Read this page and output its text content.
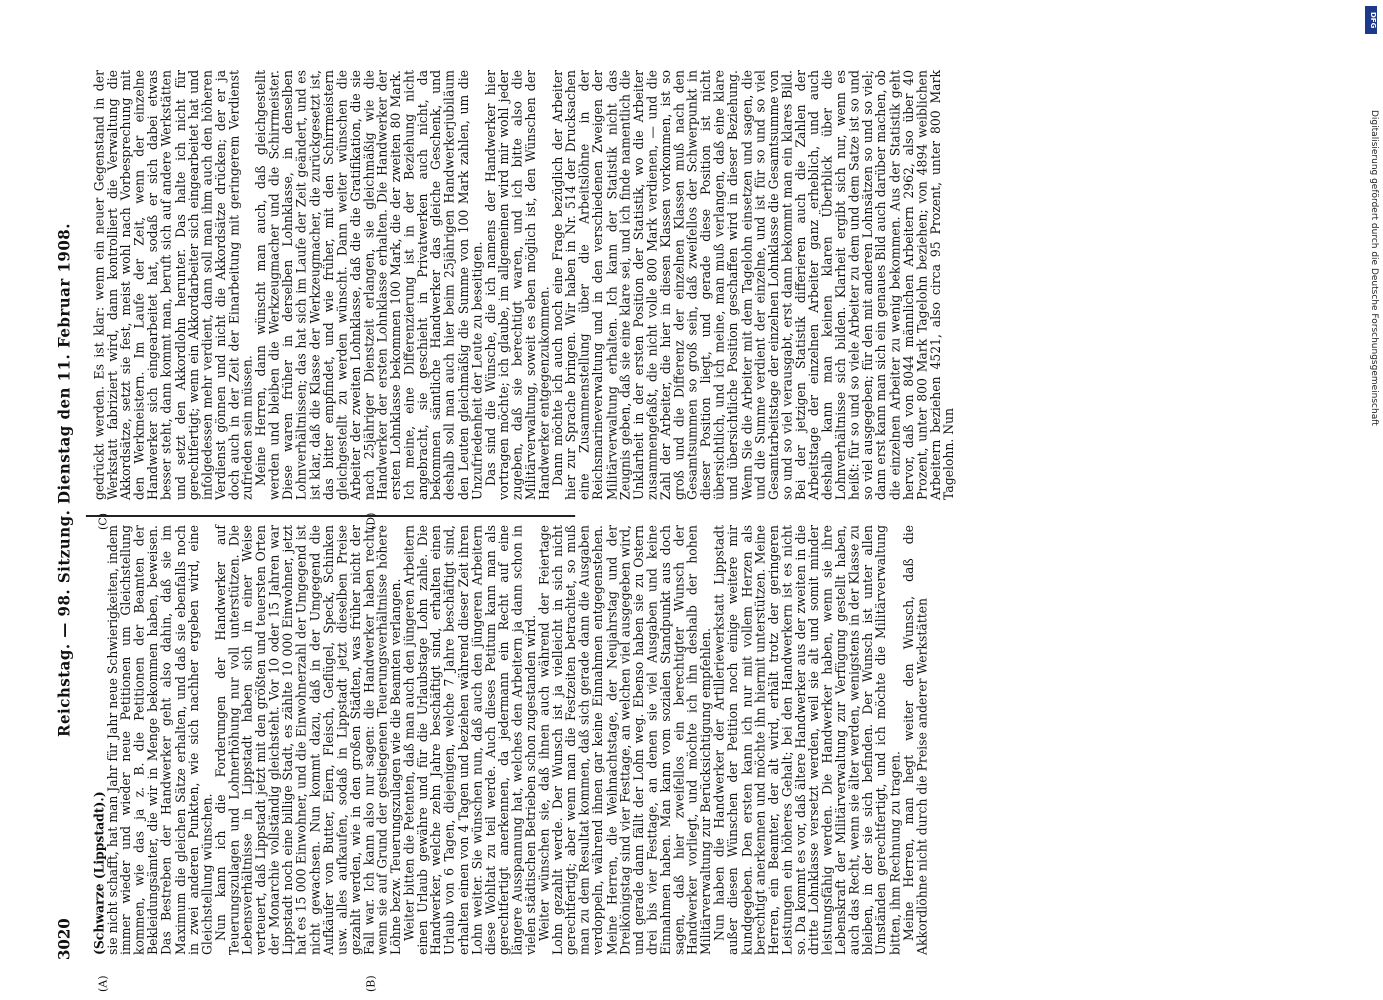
3020
Reichstag. — 98. Sitzung. Dienstag den 11. Februar 1908.
(A)	(B)
(C)	(D)

(Schwarze (Lippstadt).)

sie nicht schafft, hat man Jahr für Jahr neue Schwierigkeiten, indem immer wieder und wieder neue Petitionen um Gleichstellung kommen, wie das ja z. B. die Petitionen der Beamten der Bekleidungsämter, die wir in Menge bekommen haben, beweisen. Das Bestreben der Handwerker geht also dahin, daß sie im Maximum die gleichen Sätze erhalten, und daß sie ebenfalls noch in zwei anderen Punkten, wie sich nachher ergeben wird, eine Gleichstellung wünschen.

Nun kann ich die Forderungen der Handwerker auf Teuerungszulagen und Lohnerhöhung nur voll unterstützen. Die Lebensverhältnisse in Lippstadt haben sich in einer Weise verteuert, daß Lippstadt jetzt mit den größten und teuersten Orten der Monarchie vollständig gleichsteht. Vor 10 oder 15 Jahren war Lippstadt noch eine billige Stadt, es zählte 10 000 Einwohner, jetzt hat es 15 000 Einwohner, und die Einwohnerzahl der Umgegend ist nicht gewachsen. Nun kommt dazu, daß in der Umgegend die Aufkäufer von Butter, Eiern, Fleisch, Geflügel, Speck, Schinken usw. alles aufkaufen, sodaß in Lippstadt jetzt dieselben Preise gezahlt werden, wie in den großen Städten, was früher nicht der Fall war. Ich kann also nur sagen: die Handwerker haben recht, wenn sie auf Grund der gestiegenen Teuerungsverhältnisse höhere Löhne bezw. Teuerungszulagen wie die Beamten verlangen.

Weiter bitten die Petenten, daß man auch den jüngeren Arbeitern einen Urlaub gewähre und für die Urlaubstage Lohn zahle. Die Handwerker, welche zehn Jahre beschäftigt sind, erhalten einen Urlaub von 6 Tagen, diejenigen, welche 7 Jahre beschäftigt sind, erhalten einen von 4 Tagen und beziehen während dieser Zeit ihren Lohn weiter. Sie wünschen nun, daß auch den jüngeren Arbeitern diese Wohltat zu teil werde. Auch dieses Petitum kann man als gerechtfertigt anerkennen, da jedermann ein Recht auf eine längere Ausspannung hat, welches den Arbeitern ja dann schon in vielen städtischen Betrieben schon zugestanden wird.

Weiter wünschen sie, daß ihnen auch während der Feiertage Lohn gezahlt werde. Der Wunsch ist ja vielleicht in sich nicht gerechtfertigt; aber wenn man die Festzeiten betrachtet, so muß man zu dem Resultat kommen, daß sich gerade dann die Ausgaben verdoppeln, während ihnen gar keine Einnahmen entgegenstehen. Meine Herren, die Weihnachtstage, der Neujahrstag und der Dreikönigstag sind vier Festtage, an welchen viel ausgegeben wird, und gerade dann fällt der Lohn weg. Ebenso haben sie zu Ostern drei bis vier Festtage, an denen sie viel Ausgaben und keine Einnahmen haben. Man kann vom sozialen Standpunkt aus doch sagen, daß hier zweifellos ein berechtigter Wunsch der Handwerker vorliegt, und möchte ich ihn deshalb der hohen Militärverwaltung zur Berücksichtigung empfehlen.

Nun haben die Handwerker der Artilleriewerkstatt Lippstadt außer diesen Wünschen der Petition noch einige weitere mir kundgegeben. Den ersten kann ich nur mit vollem Herzen als berechtigt anerkennen und möchte ihn hiermit unterstützen. Meine Herren, ein Beamter, der alt wird, erhält trotz der geringeren Leistungen ein höheres Gehalt; bei den Handwerkern ist es nicht so. Da kommt es vor, daß ältere Handwerker aus der zweiten in die dritte Lohnklasse versetzt werden, weil sie alt und somit minder leistungsfähig werden. Die Handwerker haben, wenn sie ihre Lebenskraft der Militärverwaltung zur Verfügung gestellt haben, auch das Recht, wenn sie älter werden, wenigstens in der Klasse zu bleiben, in der sie sich befinden. Der Wunsch ist unter allen Umständen gerechtfertigt, und ich möchte die Militärverwaltung bitten, ihm Rechnung zu tragen.

Meine Herren, man hegt weiter den Wunsch, daß die Akkordlöhne nicht durch die Preise anderer Werkstätten

gedrückt werden. Es ist klar: wenn ein neuer Gegenstand in der Werkstatt fabriziert wird, dann kontrolliert die Verwaltung die Akkordsätze, setzt sie fest, meist wohl nach Vorbesprechung mit den Werkmeistern. Im Laufe der Zeit, wenn der einzelne Handwerker sich eingearbeitet hat, sodaß er sich dabei etwas besser steht, dann kommt man, beruft sich auf andere Werkstätten und setzt den Akkordlohn herunter. Das halte ich nicht für gerechtfertigt; wenn ein Akkordarbeiter sich eingearbeitet hat und infolgedessen mehr verdient, dann soll man ihm auch den höheren Verdienst gönnen und nicht die Akkordsätze drücken; der er ja doch auch in der Zeit der Einarbeitung mit geringerem Verdienst zufrieden sein müssen.

Meine Herren, dann wünscht man auch, daß gleichgestellt werden und bleiben die Werkzeugmacher und die Schirrmeister. Diese waren früher in derselben Lohnklasse, in denselben Lohnverhältnissen; das hat sich im Laufe der Zeit geändert, und es ist klar, daß die Klasse der Werkzeugmacher, die zurückgesetzt ist, das bitter empfindet, und wie früher, mit den Schirrmeistern gleichgestellt zu werden wünscht. Dann weiter wünschen die Arbeiter der zweiten Lohnklasse, daß die die Gratifikation, die sie nach 25jähriger Dienstzeit erlangen, sie gleichmäßig wie die Handwerker der ersten Lohnklasse erhalten. Die Handwerker der ersten Lohnklasse bekommen 100 Mark, die der zweiten 80 Mark. Ich meine, eine Differenzierung ist in der Beziehung nicht angebracht, sie geschieht in Privatwerken auch nicht, da bekommen sämtliche Handwerker das gleiche Geschenk, und deshalb soll man auch hier beim 25jährigen Handwerkerjubiläum den Leuten gleichmäßig die Summe von 100 Mark zahlen, um die Unzufriedenheit der Leute zu beseitigen.

Das sind die Wünsche, die ich namens der Handwerker hier vortragen möchte; ich glaube, im allgemeinen wird mir wohl jeder zugeben, daß sie berechtigt waren, und ich bitte also die Militärverwaltung, soweit es eben möglich ist, den Wünschen der Handwerker entgegenzukommen.

Dann möchte ich auch noch eine Frage bezüglich der Arbeiter hier zur Sprache bringen. Wir haben in Nr. 514 der Drucksachen eine Zusammenstellung über die Arbeitslöhne in der Reichsmarineverwaltung und in den verschiedenen Zweigen der Militärverwaltung erhalten. Ich kann der Statistik nicht das Zeugnis geben, daß sie eine klare sei, und ich finde namentlich die Unklarheit in der ersten Position der Statistik, wo die Arbeiter zusammengefaßt, die nicht volle 800 Mark verdienen, — und die Zahl der Arbeiter, die hier in diesen Klassen vorkommen, ist so groß und die Differenz der einzelnen Klassen muß nach den Gesamtsummen so groß sein, daß zweifellos der Schwerpunkt in dieser Position liegt, und gerade diese Position ist nicht übersichtlich, und ich meine, man muß verlangen, daß eine klare und übersichtliche Position geschaffen wird in dieser Beziehung. Wenn Sie die Arbeiter mit dem Tagelohn einsetzen und sagen, die und die Summe verdient der einzelne, und ist für so und so viel Gesamtarbeitstage der einzelnen Lohnklasse die Gesamtsumme von so und so viel verausgabt, erst dann bekommt man ein klares Bild. Bei der jetzigen Statistik differieren auch die Zahlen der Arbeitstage der einzelnen Arbeiter ganz erheblich, und auch deshalb kann man keinen klaren Überblick über die Lohnverhältnisse sich bilden. Klarheit ergibt sich nur, wenn es heißt: für so und so viele Arbeiter zu dem und dem Satze ist so und so viel ausgegeben; für den mit anderen Lohnsätzen so und so viel; dann erst kann man sich ein genaues Bild auch darüber machen, ob die einzelnen Arbeiter zu wenig bekommen. Aus der Statistik geht hervor, daß von 8044 männlichen Arbeitern 2962, also über 40 Prozent, unter 800 Mark Tagelohn beziehen; von 4894 weiblichen Arbeitern beziehen 4521, also circa 95 Prozent, unter 800 Mark Tagelohn. Nun

DFG
Digitalisierung gefördert durch die Deutsche Forschungsgemeinschaft
